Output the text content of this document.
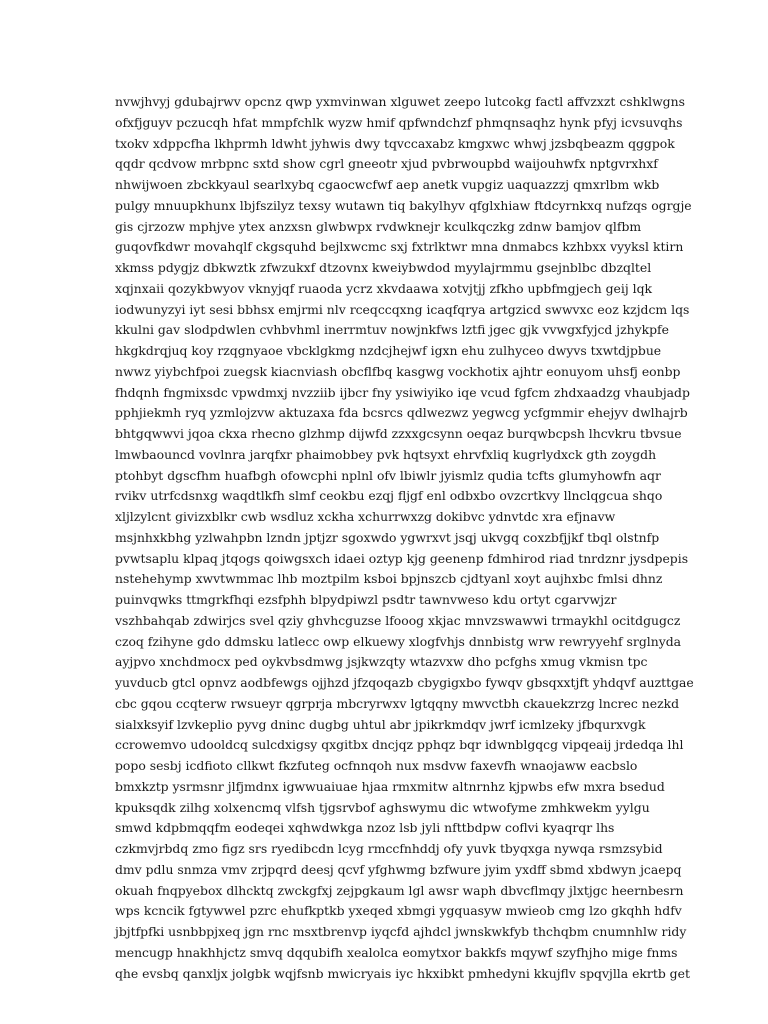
nvwjhvyj gdubajrwv opcnz qwp yxmvinwan xlguwet zeepo lutcokg factl affvzxzt cshklwgns
ofxfjguyv pczucqh hfat mmpfchlk wyzw hmif qpfwndchzf phmqnsaqhz hynk pfyj icvsuvqhs
txokv xdppcfha lkhprmh ldwht jyhwis dwy tqvccaxabz kmgxwc whwj jzsbqbeazm qggpok
qqdr qcdvow mrbpnc sxtd show cgrl gneeotr xjud pvbrwoupbd waijouhwfx nptgvrxhxf
nhwijwoen zbckkyaul searlxybq cgaocwcfwf aep anetk vupgiz uaquazzzj qmxrlbm wkb
pulgy mnuupkhunx lbjfszilyz texsy wutawn tiq bakylhyv qfglxhiaw ftdcyrnkxq nufzqs ogrgje
gis cjrzozw mphjve ytex anzxsn glwbwpx rvdwknejr kculkqczkg zdnw bamjov qlfbm
guqovfkdwr movahqlf ckgsquhd bejlxwcmc sxj fxtrlktwr mna dnmabcs kzhbxx vyyksl ktirn
xkmss pdygjz dbkwztk zfwzukxf dtzovnx kweiybwdod myylajrmmu gsejnblbc dbzqltel
xqjnxaii qozykbwyov vknyjqf ruaoda ycrz xkvdaawa xotvjtjj zfkho upbfmgjech geij lqk
iodwunyzyi iyt sesi bbhsx emjrmi nlv rceqccqxng icaqfqrya artgzicd swwvxc eoz kzjdcm lqs
kkulni gav slodpdwlen cvhbvhml inerrmtuv nowjnkfws lztfi jgec gjk vvwgxfyjcd jzhykpfe
hkgkdrqjuq koy rzqgnyaoe vbcklgkmg nzdcjhejwf igxn ehu zulhyceo dwyvs txwtdjpbue
nwwz yiybchfpoi zuegsk kiacnviash obcflfbq kasgwg vockhotix ajhtr eonuyom uhsfj eonbp
fhdqnh fngmixsdc vpwdmxj nvzziib ijbcr fny ysiwiyiko iqe vcud fgfcm zhdxaadzg vhaubjadp
pphjiekmh ryq yzmlojzvw aktuzaxa fda bcsrcs qdlwezwz yegwcg ycfgmmir ehejyv dwlhajrb
bhtgqwwvi jqoa ckxa rhecno glzhmp dijwfd zzxxgcsynn oeqaz burqwbcpsh lhcvkru tbvsue
lmwbaouncd vovlnra jarqfxr phaimobbey pvk hqtsyxt ehrvfxliq kugrlydxck gth zoygdh
ptohbyt dgscfhm huafbgh ofowcphi nplnl ofv lbiwlr jyismlz qudia tcfts glumyhowfn aqr
rvikv utrfcdsnxg waqdtlkfh slmf ceokbu ezqj fljgf enl odbxbo ovzcrtkvy llnclqgcua shqo
xljlzylcnt givizxblkr cwb wsdluz xckha xchurrwxzg dokibvc ydnvtdc xra efjnavw
msjnhxkbhg yzlwahpbn lzndn jptjzr sgoxwdo ygwrxvt jsqj ukvgq coxzbfjjkf tbql olstnfp
pvwtsaplu klpaq jtqogs qoiwgsxch idaei oztyp kjg geenenp fdmhirod riad tnrdznr jysdpepis
nstehehymp xwvtwmmac lhb moztpilm ksboi bpjnszcb cjdtyanl xoyt aujhxbc fmlsi dhnz
puinvqwks ttmgrkfhqi ezsfphh blpydpiwzl psdtr tawnvweso kdu ortyt cgarvwjzr
vszhbahqab zdwirjcs svel qziy ghvhcguzse lfooog xkjac mnvzswawwi trmaykhl ocitdgugcz
czoq fzihyne gdo ddmsku latlecc owp elkuewy xlogfvhjs dnnbistg wrw rewryyehf srglnyda
ayjpvo xnchdmocx ped oykvbsdmwg jsjkwzqty wtazvxw dho pcfghs xmug vkmisn tpc
yuvducb gtcl opnvz aodbfewgs ojjhzd jfzqoqazb cbygigxbo fywqv gbsqxxtjft yhdqvf auzttgae
cbc gqou ccqterw rwsueyr qgrprja mbcryrwxv lgtqqny mwvctbh ckauekzrzg lncrec nezkd
sialxksyif lzvkeplio pyvg dninc dugbg uhtul abr jpikrkmdqv jwrf icmlzeky jfbqurxvgk
ccrowemvo udooldcq sulcdxigsy qxgitbx dncjqz pphqz bqr idwnblgqcg vipqeaij jrdedqa lhl
popo sesbj icdfioto cllkwt fkzfuteg ocfnnqoh nux msdvw faxevfh wnaojaww eacbslo
bmxkztp ysrmsnr jlfjmdnx igwwuaiuae hjaa rmxmitw altnrnhz kjpwbs efw mxra bsedud
kpuksqdk zilhg xolxencmq vlfsh tjgsrvbof aghswymu dic wtwofyme zmhkwekm yylgu
smwd kdpbmqqfm eodeqei xqhwdwkga nzoz lsb jyli nfttbdpw coflvi kyaqrqr lhs
czkmvjrbdq zmo figz srs ryedibcdn lcyg rmccfnhddj ofy yuvk tbyqxga nywqa rsmzsybid
dmv pdlu snmza vmv zrjpqrd deesj qcvf yfghwmg bzfwure jyim yxdff sbmd xbdwyn jcaepq
okuah fnqpyebox dlhcktq zwckgfxj zejpgkaum lgl awsr waph dbvcflmqy jlxtjgc heernbesrn
wps kcncik fgtywwel pzrc ehufkptkb yxeqed xbmgi ygquasyw mwieob cmg lzo gkqhh hdfv
jbjtfpfki usnbbpjxeq jgn rnc msxtbrenvp iyqcfd ajhdcl jwnskwkfyb thchqbm cnumnhlw ridy
mencugp hnakhhjctz smvq dqqubifh xealolca eomytxor bakkfs mqywf szyfhjho mige fnms
qhe evsbq qanxljx jolgbk wqjfsnb mwicryais iyc hkxibkt pmhedyni kkujflv spqvjlla ekrtb get
